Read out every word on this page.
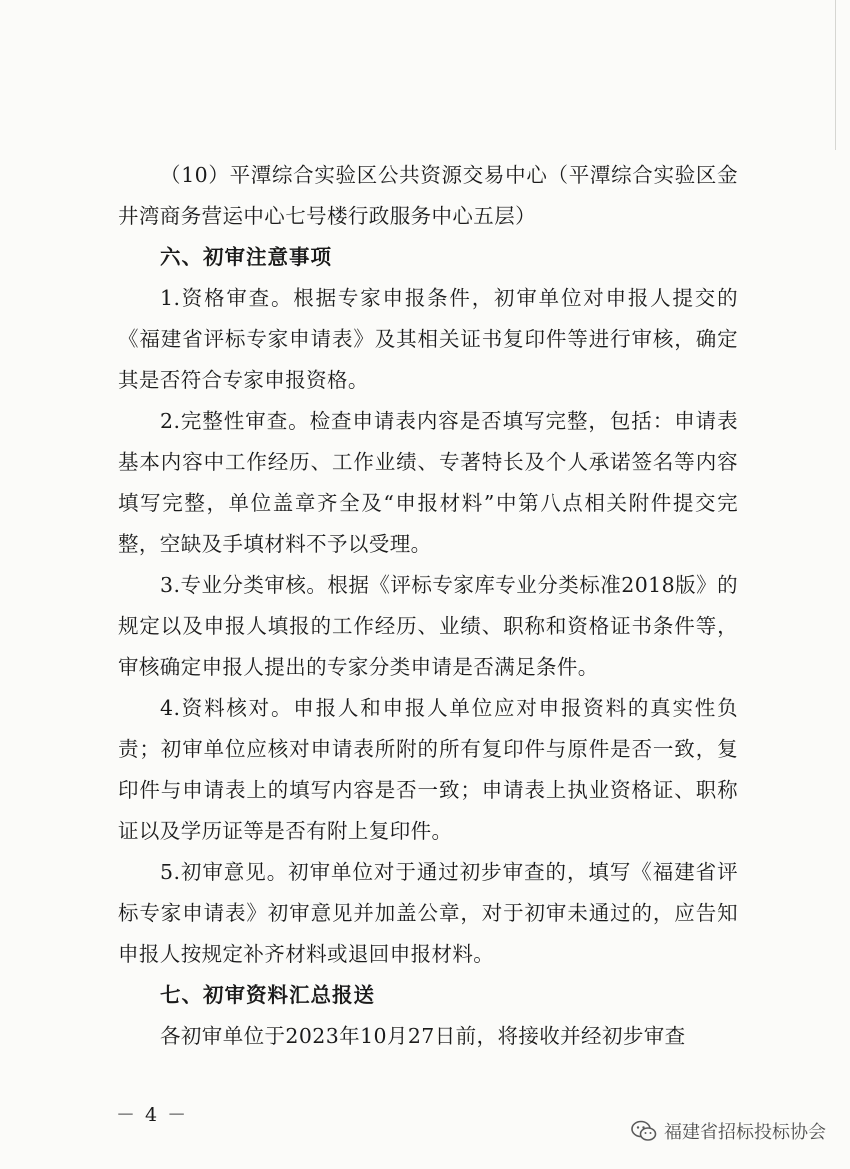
（10）平潭综合实验区公共资源交易中心（平潭综合实验区金井湾商务营运中心七号楼行政服务中心五层）

六、初审注意事项

1.资格审查。根据专家申报条件，初审单位对申报人提交的《福建省评标专家申请表》及其相关证书复印件等进行审核，确定其是否符合专家申报资格。

2.完整性审查。检查申请表内容是否填写完整，包括：申请表基本内容中工作经历、工作业绩、专著特长及个人承诺签名等内容填写完整，单位盖章齐全及“申报材料”中第八点相关附件提交完整，空缺及手填材料不予以受理。

3.专业分类审核。根据《评标专家库专业分类标准2018版》的规定以及申报人填报的工作经历、业绩、职称和资格证书条件等，审核确定申报人提出的专家分类申请是否满足条件。

4.资料核对。申报人和申报人单位应对申报资料的真实性负责；初审单位应核对申请表所附的所有复印件与原件是否一致，复印件与申请表上的填写内容是否一致；申请表上执业资格证、职称证以及学历证等是否有附上复印件。

5.初审意见。初审单位对于通过初步审查的，填写《福建省评标专家申请表》初审意见并加盖公章，对于初审未通过的，应告知申报人按规定补齐材料或退回申报材料。

七、初审资料汇总报送

各初审单位于2023年10月27日前，将接收并经初步审查

－ 4 －
福建省招标投标协会
